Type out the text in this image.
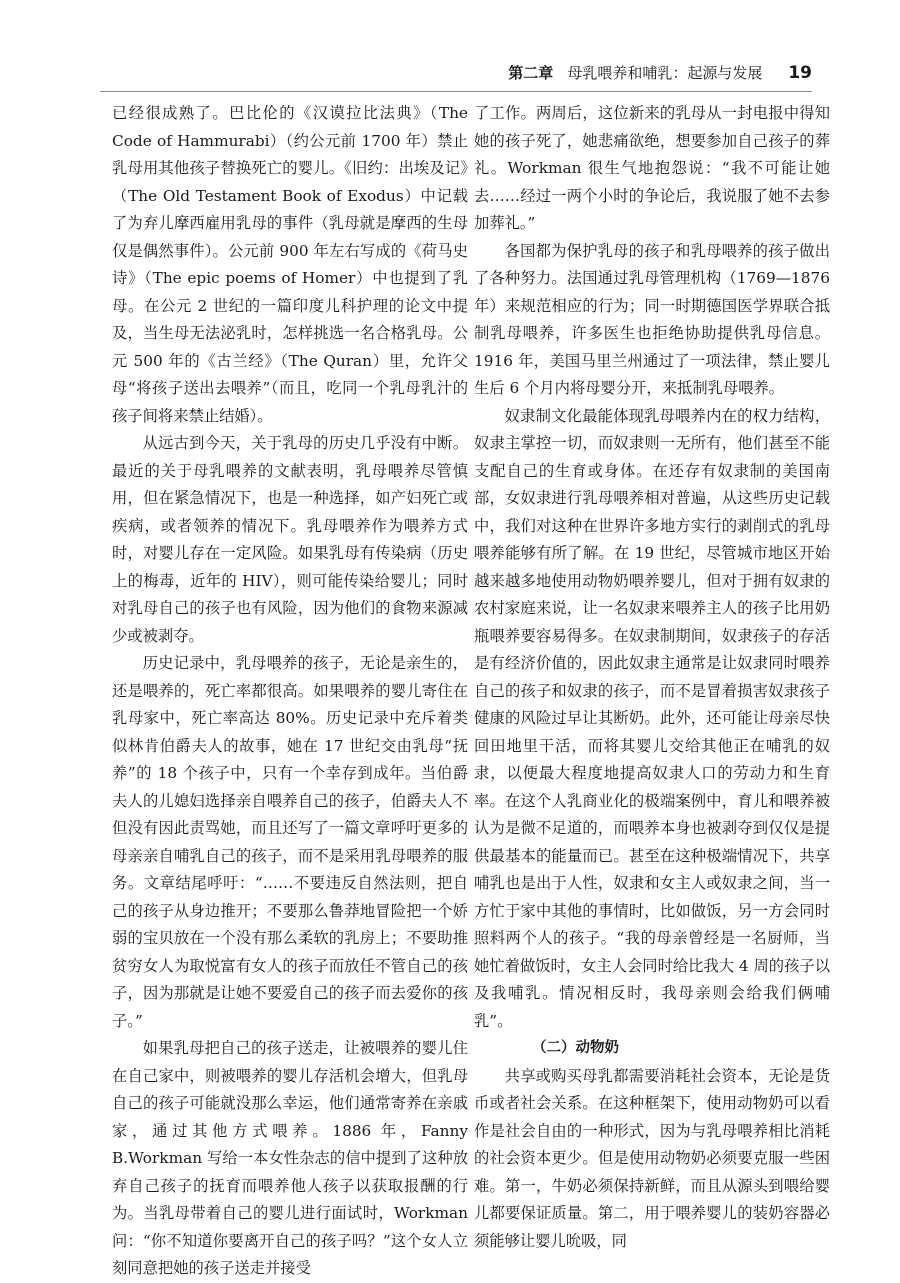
第二章 母乳喂养和哺乳：起源与发展 19

已经很成熟了。巴比伦的《汉谟拉比法典》（The Code of Hammurabi）（约公元前 1700 年）禁止乳母用其他孩子替换死亡的婴儿。《旧约：出埃及记》（The Old Testament Book of Exodus）中记载了为弃儿摩西雇用乳母的事件（乳母就是摩西的生母仅是偶然事件）。公元前 900 年左右写成的《荷马史诗》（The epic poems of Homer）中也提到了乳母。在公元 2 世纪的一篇印度儿科护理的论文中提及，当生母无法泌乳时，怎样挑选一名合格乳母。公元 500 年的《古兰经》（The Quran）里，允许父母“将孩子送出去喂养”（而且，吃同一个乳母乳汁的孩子间将来禁止结婚）。

从远古到今天，关于乳母的历史几乎没有中断。最近的关于母乳喂养的文献表明，乳母喂养尽管慎用，但在紧急情况下，也是一种选择，如产妇死亡或疾病，或者领养的情况下。乳母喂养作为喂养方式时，对婴儿存在一定风险。如果乳母有传染病（历史上的梅毒，近年的 HIV），则可能传染给婴儿；同时对乳母自己的孩子也有风险，因为他们的食物来源减少或被剥夺。

历史记录中，乳母喂养的孩子，无论是亲生的，还是喂养的，死亡率都很高。如果喂养的婴儿寄住在乳母家中，死亡率高达 80%。历史记录中充斥着类似林肯伯爵夫人的故事，她在 17 世纪交由乳母“抚养”的 18 个孩子中，只有一个幸存到成年。当伯爵夫人的儿媳妇选择亲自喂养自己的孩子，伯爵夫人不但没有因此责骂她，而且还写了一篇文章呼吁更多的母亲亲自哺乳自己的孩子，而不是采用乳母喂养的服务。文章结尾呼吁：“……不要违反自然法则，把自己的孩子从身边推开；不要那么鲁莽地冒险把一个娇弱的宝贝放在一个没有那么柔软的乳房上；不要助推贫穷女人为取悦富有女人的孩子而放任不管自己的孩子，因为那就是让她不要爱自己的孩子而去爱你的孩子。”

如果乳母把自己的孩子送走，让被喂养的婴儿住在自己家中，则被喂养的婴儿存活机会增大，但乳母自己的孩子可能就没那么幸运，他们通常寄养在亲戚家，通过其他方式喂养。1886 年，Fanny B.Workman 写给一本女性杂志的信中提到了这种放弃自己孩子的抚育而喂养他人孩子以获取报酬的行为。当乳母带着自己的婴儿进行面试时，Workman 问：“你不知道你要离开自己的孩子吗？”这个女人立刻同意把她的孩子送走并接受

了工作。两周后，这位新来的乳母从一封电报中得知她的孩子死了，她悲痛欲绝，想要参加自己孩子的葬礼。Workman 很生气地抱怨说：“我不可能让她去……经过一两个小时的争论后，我说服了她不去参加葬礼。”

各国都为保护乳母的孩子和乳母喂养的孩子做出了各种努力。法国通过乳母管理机构（1769—1876 年）来规范相应的行为；同一时期德国医学界联合抵制乳母喂养，许多医生也拒绝协助提供乳母信息。1916 年，美国马里兰州通过了一项法律，禁止婴儿生后 6 个月内将母婴分开，来抵制乳母喂养。

奴隶制文化最能体现乳母喂养内在的权力结构，奴隶主掌控一切，而奴隶则一无所有，他们甚至不能支配自己的生育或身体。在还存有奴隶制的美国南部，女奴隶进行乳母喂养相对普遍，从这些历史记载中，我们对这种在世界许多地方实行的剥削式的乳母喂养能够有所了解。在 19 世纪，尽管城市地区开始越来越多地使用动物奶喂养婴儿，但对于拥有奴隶的农村家庭来说，让一名奴隶来喂养主人的孩子比用奶瓶喂养要容易得多。在奴隶制期间，奴隶孩子的存活是有经济价值的，因此奴隶主通常是让奴隶同时喂养自己的孩子和奴隶的孩子，而不是冒着损害奴隶孩子健康的风险过早让其断奶。此外，还可能让母亲尽快回田地里干活，而将其婴儿交给其他正在哺乳的奴隶，以便最大程度地提高奴隶人口的劳动力和生育率。在这个人乳商业化的极端案例中，育儿和喂养被认为是微不足道的，而喂养本身也被剥夺到仅仅是提供最基本的能量而已。甚至在这种极端情况下，共享哺乳也是出于人性，奴隶和女主人或奴隶之间，当一方忙于家中其他的事情时，比如做饭，另一方会同时照料两个人的孩子。“我的母亲曾经是一名厨师，当她忙着做饭时，女主人会同时给比我大 4 周的孩子以及我哺乳。情况相反时，我母亲则会给我们俩哺乳”。

（二）动物奶

共享或购买母乳都需要消耗社会资本，无论是货币或者社会关系。在这种框架下，使用动物奶可以看作是社会自由的一种形式，因为与乳母喂养相比消耗的社会资本更少。但是使用动物奶必须要克服一些困难。第一，牛奶必须保持新鲜，而且从源头到喂给婴儿都要保证质量。第二，用于喂养婴儿的装奶容器必须能够让婴儿吮吸，同
